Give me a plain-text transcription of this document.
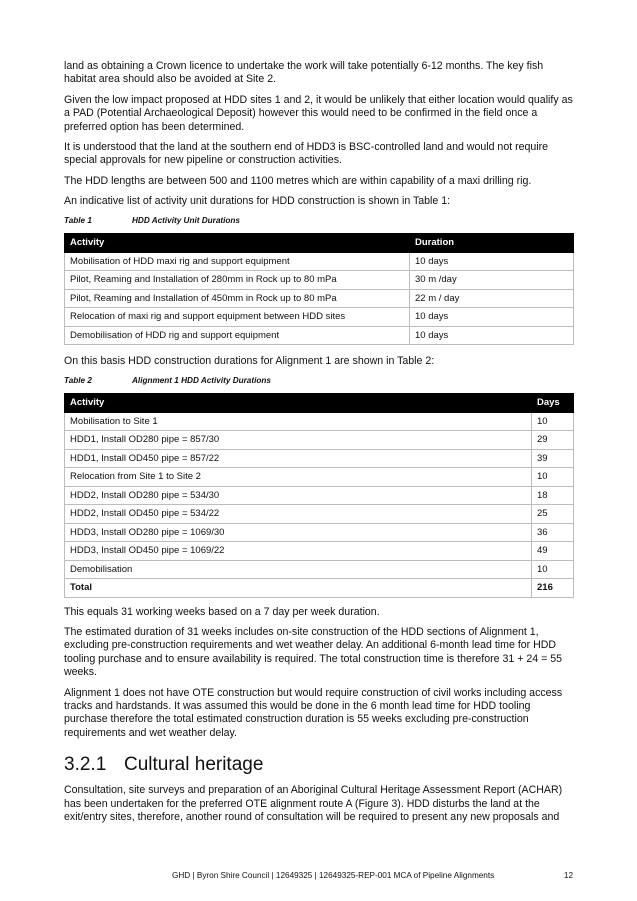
land as obtaining a Crown licence to undertake the work will take potentially 6-12 months. The key fish habitat area should also be avoided at Site 2.

Given the low impact proposed at HDD sites 1 and 2, it would be unlikely that either location would qualify as a PAD (Potential Archaeological Deposit) however this would need to be confirmed in the field once a preferred option has been determined.

It is understood that the land at the southern end of HDD3 is BSC-controlled land and would not require special approvals for new pipeline or construction activities.

The HDD lengths are between 500 and 1100 metres which are within capability of a maxi drilling rig.

An indicative list of activity unit durations for HDD construction is shown in Table 1:

Table 1	HDD Activity Unit Durations
Activity	Duration
Mobilisation of HDD maxi rig and support equipment	10 days
Pilot, Reaming and Installation of 280mm in Rock up to 80 mPa	30 m /day
Pilot, Reaming and Installation of 450mm in Rock up to 80 mPa	22 m / day
Relocation of maxi rig and support equipment between HDD sites	10 days
Demobilisation of HDD rig and support equipment	10 days

On this basis HDD construction durations for Alignment 1 are shown in Table 2:

Table 2	Alignment 1 HDD Activity Durations
Activity	Days
Mobilisation to Site 1	10
HDD1, Install OD280 pipe = 857/30	29
HDD1, Install OD450 pipe = 857/22	39
Relocation from Site 1 to Site 2	10
HDD2, Install OD280 pipe = 534/30	18
HDD2, Install OD450 pipe = 534/22	25
HDD3, Install OD280 pipe = 1069/30	36
HDD3, Install OD450 pipe = 1069/22	49
Demobilisation	10
Total	216

This equals 31 working weeks based on a 7 day per week duration.

The estimated duration of 31 weeks includes on-site construction of the HDD sections of Alignment 1, excluding pre-construction requirements and wet weather delay. An additional 6-month lead time for HDD tooling purchase and to ensure availability is required. The total construction time is therefore 31 + 24 = 55 weeks.

Alignment 1 does not have OTE construction but would require construction of civil works including access tracks and hardstands. It was assumed this would be done in the 6 month lead time for HDD tooling purchase therefore the total estimated construction duration is 55 weeks excluding pre-construction requirements and wet weather delay.

3.2.1 Cultural heritage

Consultation, site surveys and preparation of an Aboriginal Cultural Heritage Assessment Report (ACHAR) has been undertaken for the preferred OTE alignment route A (Figure 3). HDD disturbs the land at the exit/entry sites, therefore, another round of consultation will be required to present any new proposals and

GHD | Byron Shire Council | 12649325 | 12649325-REP-001 MCA of Pipeline Alignments	12
